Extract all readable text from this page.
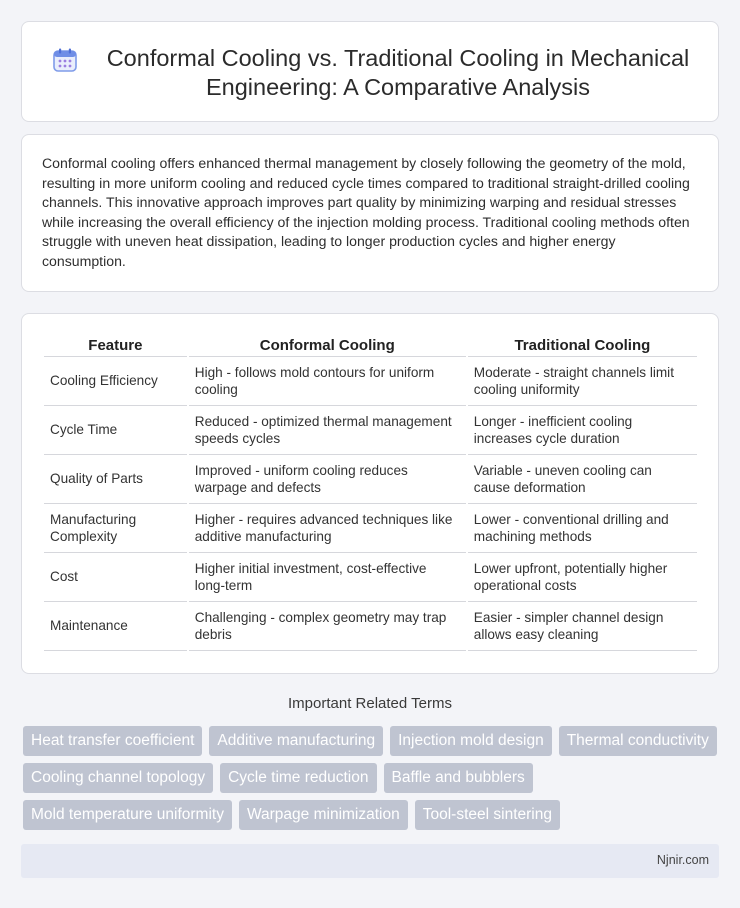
Conformal Cooling vs. Traditional Cooling in Mechanical Engineering: A Comparative Analysis

Conformal cooling offers enhanced thermal management by closely following the geometry of the mold, resulting in more uniform cooling and reduced cycle times compared to traditional straight-drilled cooling channels. This innovative approach improves part quality by minimizing warping and residual stresses while increasing the overall efficiency of the injection molding process. Traditional cooling methods often struggle with uneven heat dissipation, leading to longer production cycles and higher energy consumption.

Feature	Conformal Cooling	Traditional Cooling
Cooling Efficiency	High - follows mold contours for uniform cooling	Moderate - straight channels limit cooling uniformity
Cycle Time	Reduced - optimized thermal management speeds cycles	Longer - inefficient cooling increases cycle duration
Quality of Parts	Improved - uniform cooling reduces warpage and defects	Variable - uneven cooling can cause deformation
Manufacturing Complexity	Higher - requires advanced techniques like additive manufacturing	Lower - conventional drilling and machining methods
Cost	Higher initial investment, cost-effective long-term	Lower upfront, potentially higher operational costs
Maintenance	Challenging - complex geometry may trap debris	Easier - simpler channel design allows easy cleaning
Important Related Terms
Heat transfer coefficient	Additive manufacturing	Injection mold design	Thermal conductivity
Cooling channel topology	Cycle time reduction	Baffle and bubblers
Mold temperature uniformity	Warpage minimization	Tool-steel sintering
Njnir.com
